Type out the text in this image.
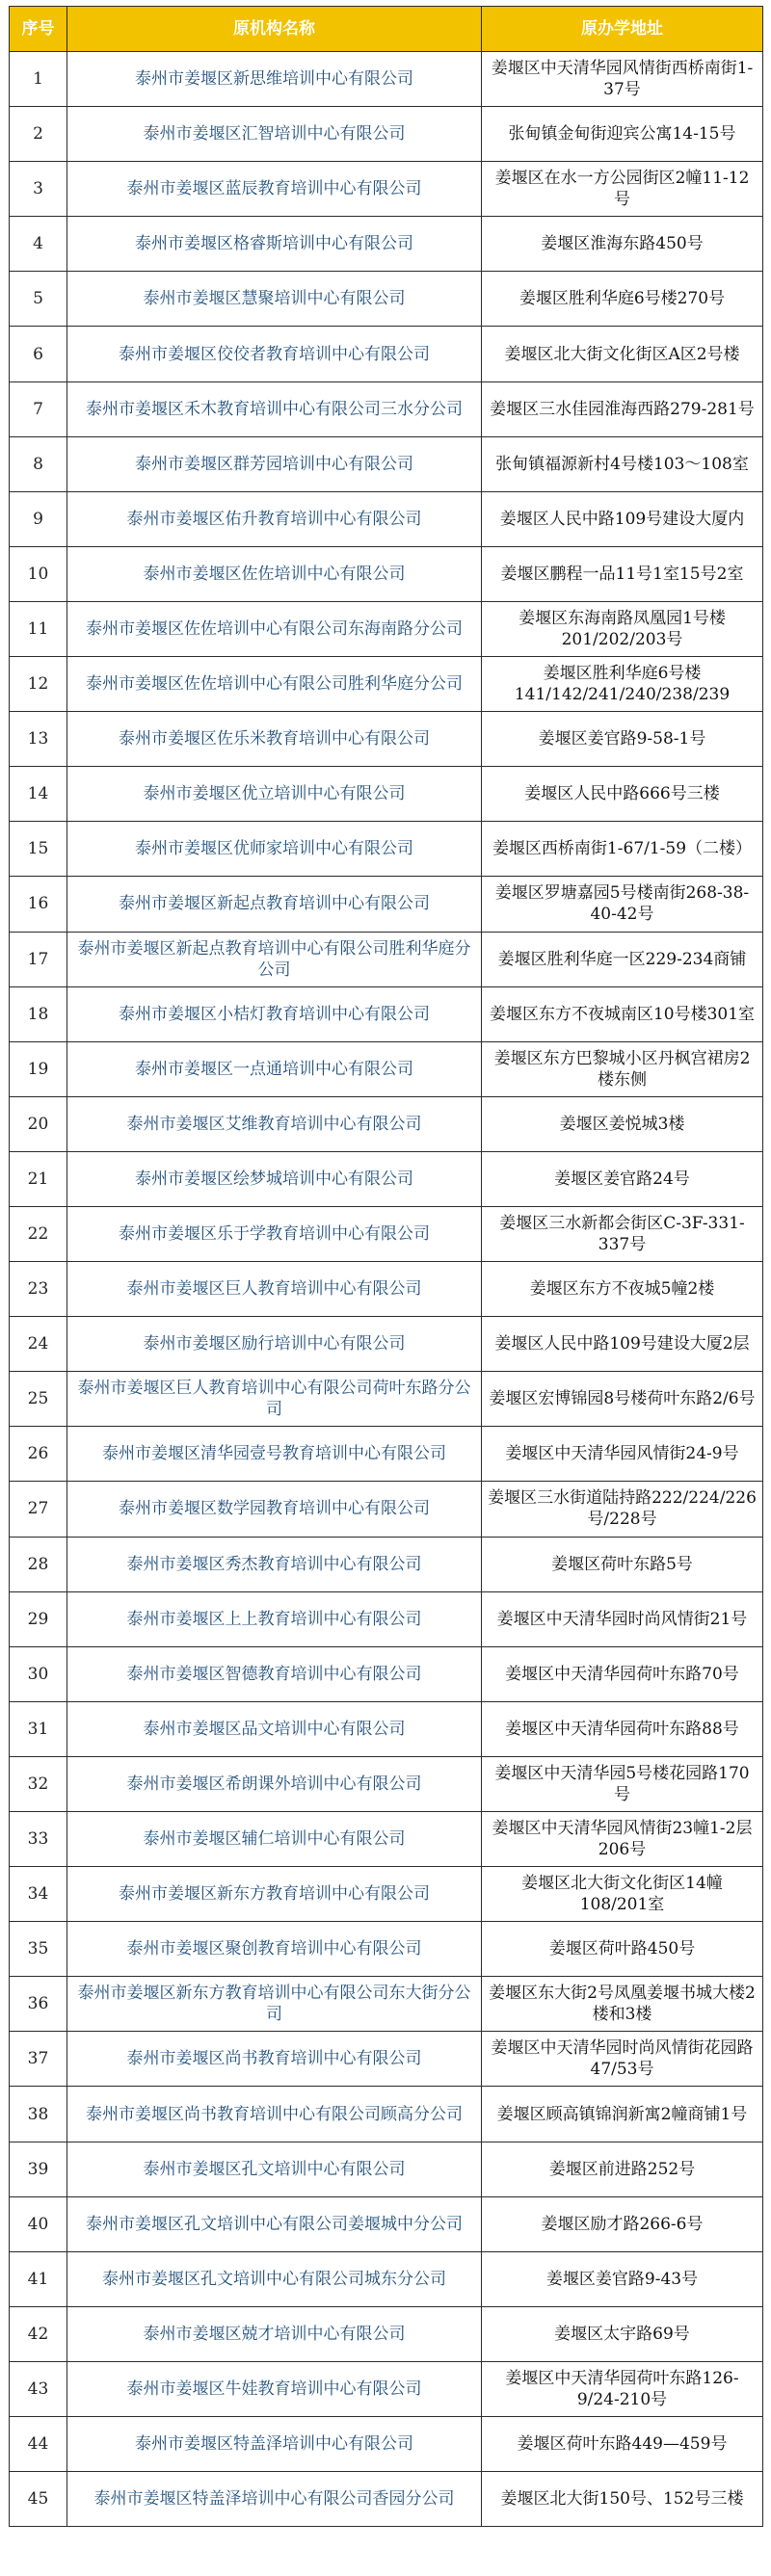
序号	原机构名称	原办学地址
1	泰州市姜堰区新思维培训中心有限公司	姜堰区中天清华园风情街西桥南街1-37号
2	泰州市姜堰区汇智培训中心有限公司	张甸镇金甸街迎宾公寓14-15号
3	泰州市姜堰区蓝辰教育培训中心有限公司	姜堰区在水一方公园街区2幢11-12号
4	泰州市姜堰区格睿斯培训中心有限公司	姜堰区淮海东路450号
5	泰州市姜堰区慧聚培训中心有限公司	姜堰区胜利华庭6号楼270号
6	泰州市姜堰区佼佼者教育培训中心有限公司	姜堰区北大街文化街区A区2号楼
7	泰州市姜堰区禾木教育培训中心有限公司三水分公司	姜堰区三水佳园淮海西路279-281号
8	泰州市姜堰区群芳园培训中心有限公司	张甸镇福源新村4号楼103～108室
9	泰州市姜堰区佑升教育培训中心有限公司	姜堰区人民中路109号建设大厦内
10	泰州市姜堰区佐佐培训中心有限公司	姜堰区鹏程一品11号1室15号2室
11	泰州市姜堰区佐佐培训中心有限公司东海南路分公司	姜堰区东海南路凤凰园1号楼201/202/203号
12	泰州市姜堰区佐佐培训中心有限公司胜利华庭分公司	姜堰区胜利华庭6号楼141/142/241/240/238/239
13	泰州市姜堰区佐乐米教育培训中心有限公司	姜堰区姜官路9-58-1号
14	泰州市姜堰区优立培训中心有限公司	姜堰区人民中路666号三楼
15	泰州市姜堰区优师家培训中心有限公司	姜堰区西桥南街1-67/1-59（二楼）
16	泰州市姜堰区新起点教育培训中心有限公司	姜堰区罗塘嘉园5号楼南街268-38-40-42号
17	泰州市姜堰区新起点教育培训中心有限公司胜利华庭分公司	姜堰区胜利华庭一区229-234商铺
18	泰州市姜堰区小桔灯教育培训中心有限公司	姜堰区东方不夜城南区10号楼301室
19	泰州市姜堰区一点通培训中心有限公司	姜堰区东方巴黎城小区丹枫宫裙房2楼东侧
20	泰州市姜堰区艾维教育培训中心有限公司	姜堰区姜悦城3楼
21	泰州市姜堰区绘梦城培训中心有限公司	姜堰区姜官路24号
22	泰州市姜堰区乐于学教育培训中心有限公司	姜堰区三水新都会街区C-3F-331-337号
23	泰州市姜堰区巨人教育培训中心有限公司	姜堰区东方不夜城5幢2楼
24	泰州市姜堰区励行培训中心有限公司	姜堰区人民中路109号建设大厦2层
25	泰州市姜堰区巨人教育培训中心有限公司荷叶东路分公司	姜堰区宏博锦园8号楼荷叶东路2/6号
26	泰州市姜堰区清华园壹号教育培训中心有限公司	姜堰区中天清华园风情街24-9号
27	泰州市姜堰区数学园教育培训中心有限公司	姜堰区三水街道陆持路222/224/226号/228号
28	泰州市姜堰区秀杰教育培训中心有限公司	姜堰区荷叶东路5号
29	泰州市姜堰区上上教育培训中心有限公司	姜堰区中天清华园时尚风情街21号
30	泰州市姜堰区智德教育培训中心有限公司	姜堰区中天清华园荷叶东路70号
31	泰州市姜堰区品文培训中心有限公司	姜堰区中天清华园荷叶东路88号
32	泰州市姜堰区希朗课外培训中心有限公司	姜堰区中天清华园5号楼花园路170号
33	泰州市姜堰区辅仁培训中心有限公司	姜堰区中天清华园风情街23幢1-2层 206号
34	泰州市姜堰区新东方教育培训中心有限公司	姜堰区北大街文化街区14幢108/201室
35	泰州市姜堰区聚创教育培训中心有限公司	姜堰区荷叶路450号
36	泰州市姜堰区新东方教育培训中心有限公司东大街分公司	姜堰区东大街2号凤凰姜堰书城大楼2楼和3楼
37	泰州市姜堰区尚书教育培训中心有限公司	姜堰区中天清华园时尚风情街花园路47/53号
38	泰州市姜堰区尚书教育培训中心有限公司顾高分公司	姜堰区顾高镇锦润新寓2幢商铺1号
39	泰州市姜堰区孔文培训中心有限公司	姜堰区前进路252号
40	泰州市姜堰区孔文培训中心有限公司姜堰城中分公司	姜堰区励才路266-6号
41	泰州市姜堰区孔文培训中心有限公司城东分公司	姜堰区姜官路9-43号
42	泰州市姜堰区兢才培训中心有限公司	姜堰区太宇路69号
43	泰州市姜堰区牛娃教育培训中心有限公司	姜堰区中天清华园荷叶东路126-9/24-210号
44	泰州市姜堰区特盖泽培训中心有限公司	姜堰区荷叶东路449—459号
45	泰州市姜堰区特盖泽培训中心有限公司香园分公司	姜堰区北大街150号、152号三楼
